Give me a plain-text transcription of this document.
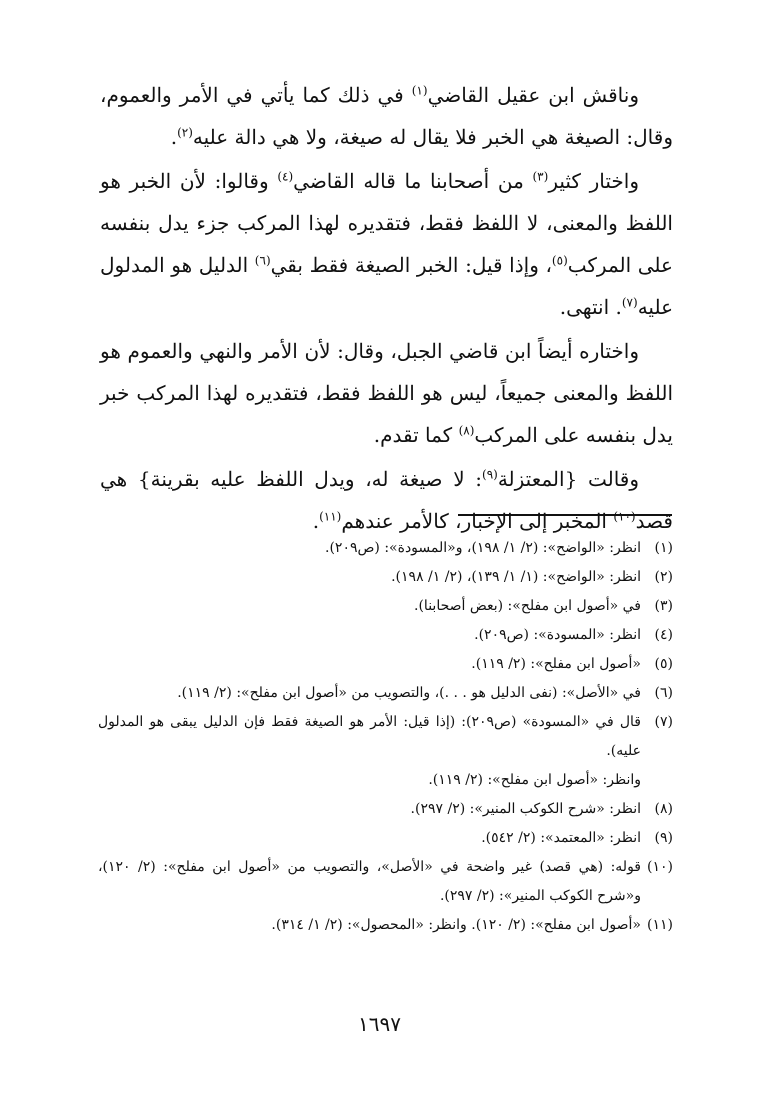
وناقش ابن عقيل القاضي$^{(١)}$ في ذلك كما يأتي في الأمر والعموم، وقال: الصيغة هي الخبر فلا يقال له صيغة، ولا هي دالة عليه$^{(٢)}$.

واختار كثير$^{(٣)}$ من أصحابنا ما قاله القاضي$^{(٤)}$ وقالوا: لأن الخبر هو اللفظ والمعنى، لا اللفظ فقط، فتقديره لهذا المركب جزء يدل بنفسه على المركب$^{(٥)}$، وإذا قيل: الخبر الصيغة فقط بقي$^{(٦)}$ الدليل هو المدلول عليه$^{(٧)}$. انتهى.

واختاره أيضاً ابن قاضي الجبل، وقال: لأن الأمر والنهي والعموم هو اللفظ والمعنى جميعاً، ليس هو اللفظ فقط، فتقديره لهذا المركب خبر يدل بنفسه على المركب$^{(٨)}$ كما تقدم.

وقالت {المعتزلة$^{(٩)}$: لا صيغة له، ويدل اللفظ عليه بقرينة} هي قصد$^{(١٠)}$ المخبر إلى الإخبار، كالأمر عندهم$^{(١١)}$.

(١)
انظر: «الواضح»: (٢/ ١/ ١٩٨)، و«المسودة»: (ص٢٠٩).
(٢)
انظر: «الواضح»: (١/ ١/ ١٣٩)، (٢/ ١/ ١٩٨).
(٣)
في «أصول ابن مفلح»: (بعض أصحابنا).
(٤)
انظر: «المسودة»: (ص٢٠٩).
(٥)
«أصول ابن مفلح»: (٢/ ١١٩).
(٦)
في «الأصل»: (نفى الدليل هو . . .)، والتصويب من «أصول ابن مفلح»: (٢/ ١١٩).
(٧)
قال في «المسودة» (ص٢٠٩): (إذا قيل: الأمر هو الصيغة فقط فإن الدليل يبقى هو المدلول عليه).
وانظر: «أصول ابن مفلح»: (٢/ ١١٩).
(٨)
انظر: «شرح الكوكب المنير»: (٢/ ٢٩٧).
(٩)
انظر: «المعتمد»: (٢/ ٥٤٢).
(١٠)
قوله: (هي قصد) غير واضحة في «الأصل»، والتصويب من «أصول ابن مفلح»: (٢/ ١٢٠)، و«شرح الكوكب المنير»: (٢/ ٢٩٧).
(١١)
«أصول ابن مفلح»: (٢/ ١٢٠). وانظر: «المحصول»: (٢/ ١/ ٣١٤).
١٦٩٧
